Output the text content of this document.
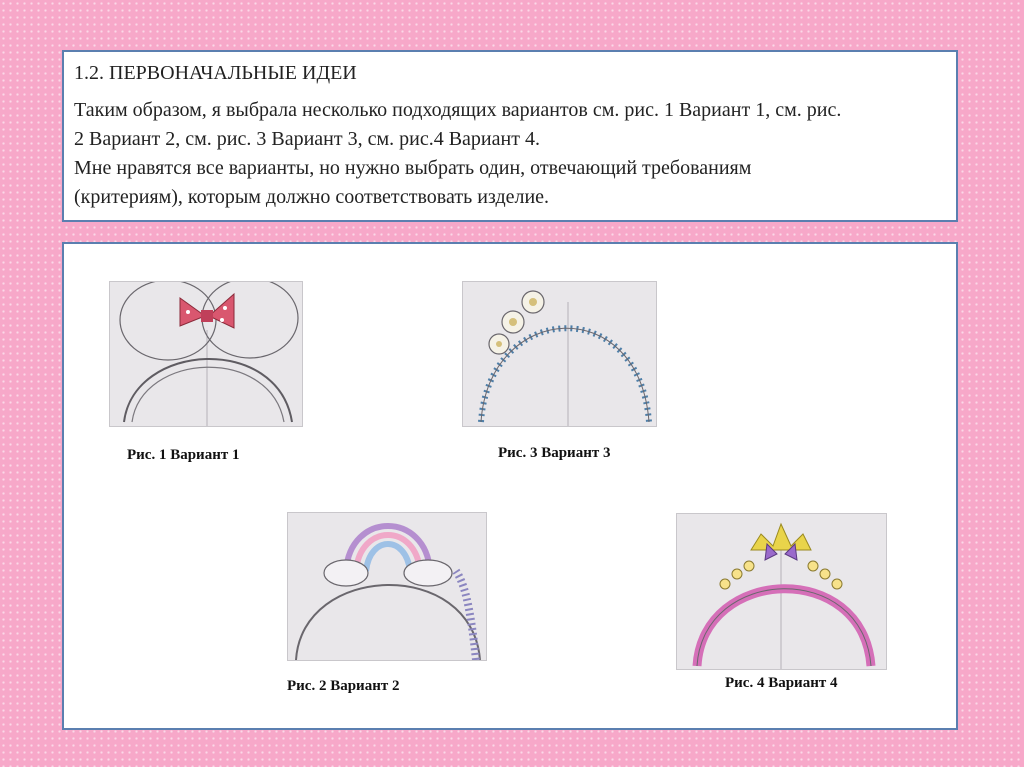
1.2. ПЕРВОНАЧАЛЬНЫЕ ИДЕИ

Таким образом, я выбрала несколько подходящих вариантов см. рис. 1 Вариант 1, см. рис.
2 Вариант 2, см. рис. 3 Вариант 3, см. рис.4 Вариант 4.
Мне нравятся все варианты, но нужно выбрать один, отвечающий требованиям
(критериям), которым должно соответствовать изделие.

Рис. 1 Вариант 1	Рис. 3 Вариант 3
Рис. 2 Вариант 2	Рис. 4 Вариант 4
